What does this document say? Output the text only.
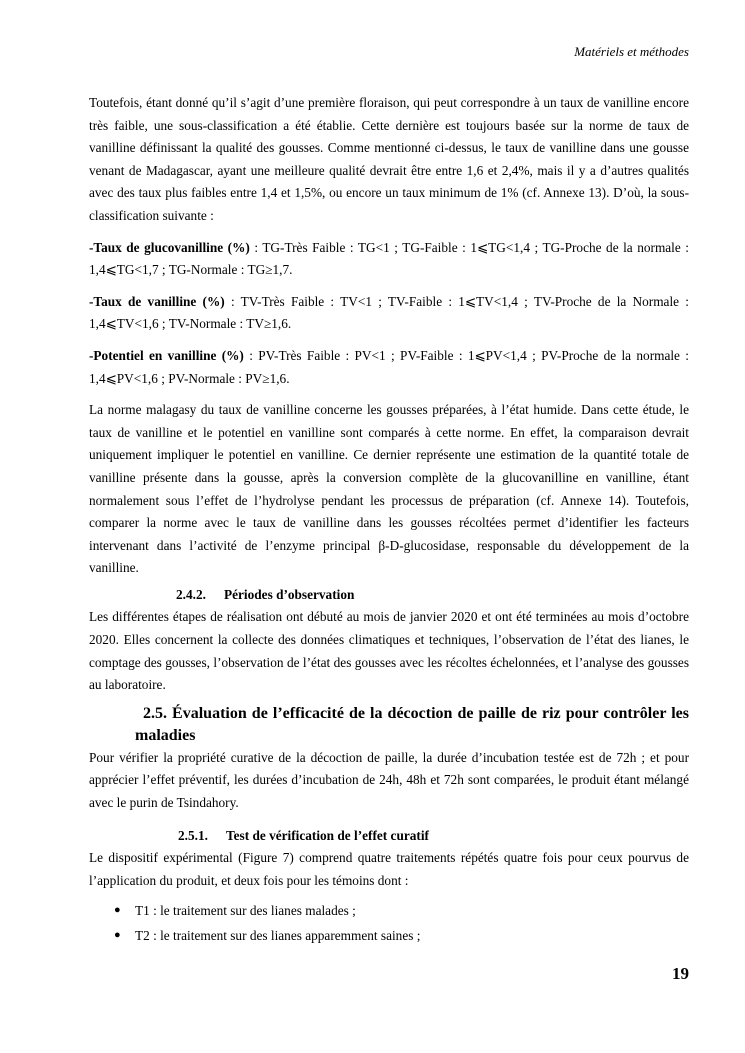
Matériels et méthodes

Toutefois, étant donné qu’il s’agit d’une première floraison, qui peut correspondre à un taux de vanilline encore très faible, une sous-classification a été établie. Cette dernière est toujours basée sur la norme de taux de vanilline définissant la qualité des gousses. Comme mentionné ci-dessus, le taux de vanilline dans une gousse venant de Madagascar, ayant une meilleure qualité devrait être entre 1,6 et 2,4%, mais il y a d’autres qualités avec des taux plus faibles entre 1,4 et 1,5%, ou encore un taux minimum de 1% (cf. Annexe 13). D’où, la sous-classification suivante :

-Taux de glucovanilline (%) : TG-Très Faible : TG<1 ; TG-Faible : 1⩽TG<1,4 ; TG-Proche de la normale : 1,4⩽TG<1,7 ; TG-Normale : TG≥1,7.

-Taux de vanilline (%) : TV-Très Faible : TV<1 ; TV-Faible : 1⩽TV<1,4 ; TV-Proche de la Normale : 1,4⩽TV<1,6 ; TV-Normale : TV≥1,6.

-Potentiel en vanilline (%) : PV-Très Faible : PV<1 ; PV-Faible : 1⩽PV<1,4 ; PV-Proche de la normale : 1,4⩽PV<1,6 ; PV-Normale : PV≥1,6.

La norme malagasy du taux de vanilline concerne les gousses préparées, à l’état humide. Dans cette étude, le taux de vanilline et le potentiel en vanilline sont comparés à cette norme. En effet, la comparaison devrait uniquement impliquer le potentiel en vanilline. Ce dernier représente une estimation de la quantité totale de vanilline présente dans la gousse, après la conversion complète de la glucovanilline en vanilline, étant normalement sous l’effet de l’hydrolyse pendant les processus de préparation (cf. Annexe 14). Toutefois, comparer la norme avec le taux de vanilline dans les gousses récoltées permet d’identifier les facteurs intervenant dans l’activité de l’enzyme principal β-D-glucosidase, responsable du développement de la vanilline.

2.4.2. Périodes d’observation

Les différentes étapes de réalisation ont débuté au mois de janvier 2020 et ont été terminées au mois d’octobre 2020. Elles concernent la collecte des données climatiques et techniques, l’observation de l’état des lianes, le comptage des gousses, l’observation de l’état des gousses avec les récoltes échelonnées, et l’analyse des gousses au laboratoire.

2.5. Évaluation de l’efficacité de la décoction de paille de riz pour contrôler les maladies

Pour vérifier la propriété curative de la décoction de paille, la durée d’incubation testée est de 72h ; et pour apprécier l’effet préventif, les durées d’incubation de 24h, 48h et 72h sont comparées, le produit étant mélangé avec le purin de Tsindahory.

2.5.1. Test de vérification de l’effet curatif

Le dispositif expérimental (Figure 7) comprend quatre traitements répétés quatre fois pour ceux pourvus de l’application du produit, et deux fois pour les témoins dont :

● T1 : le traitement sur des lianes malades ;
● T2 : le traitement sur des lianes apparemment saines ;
19
